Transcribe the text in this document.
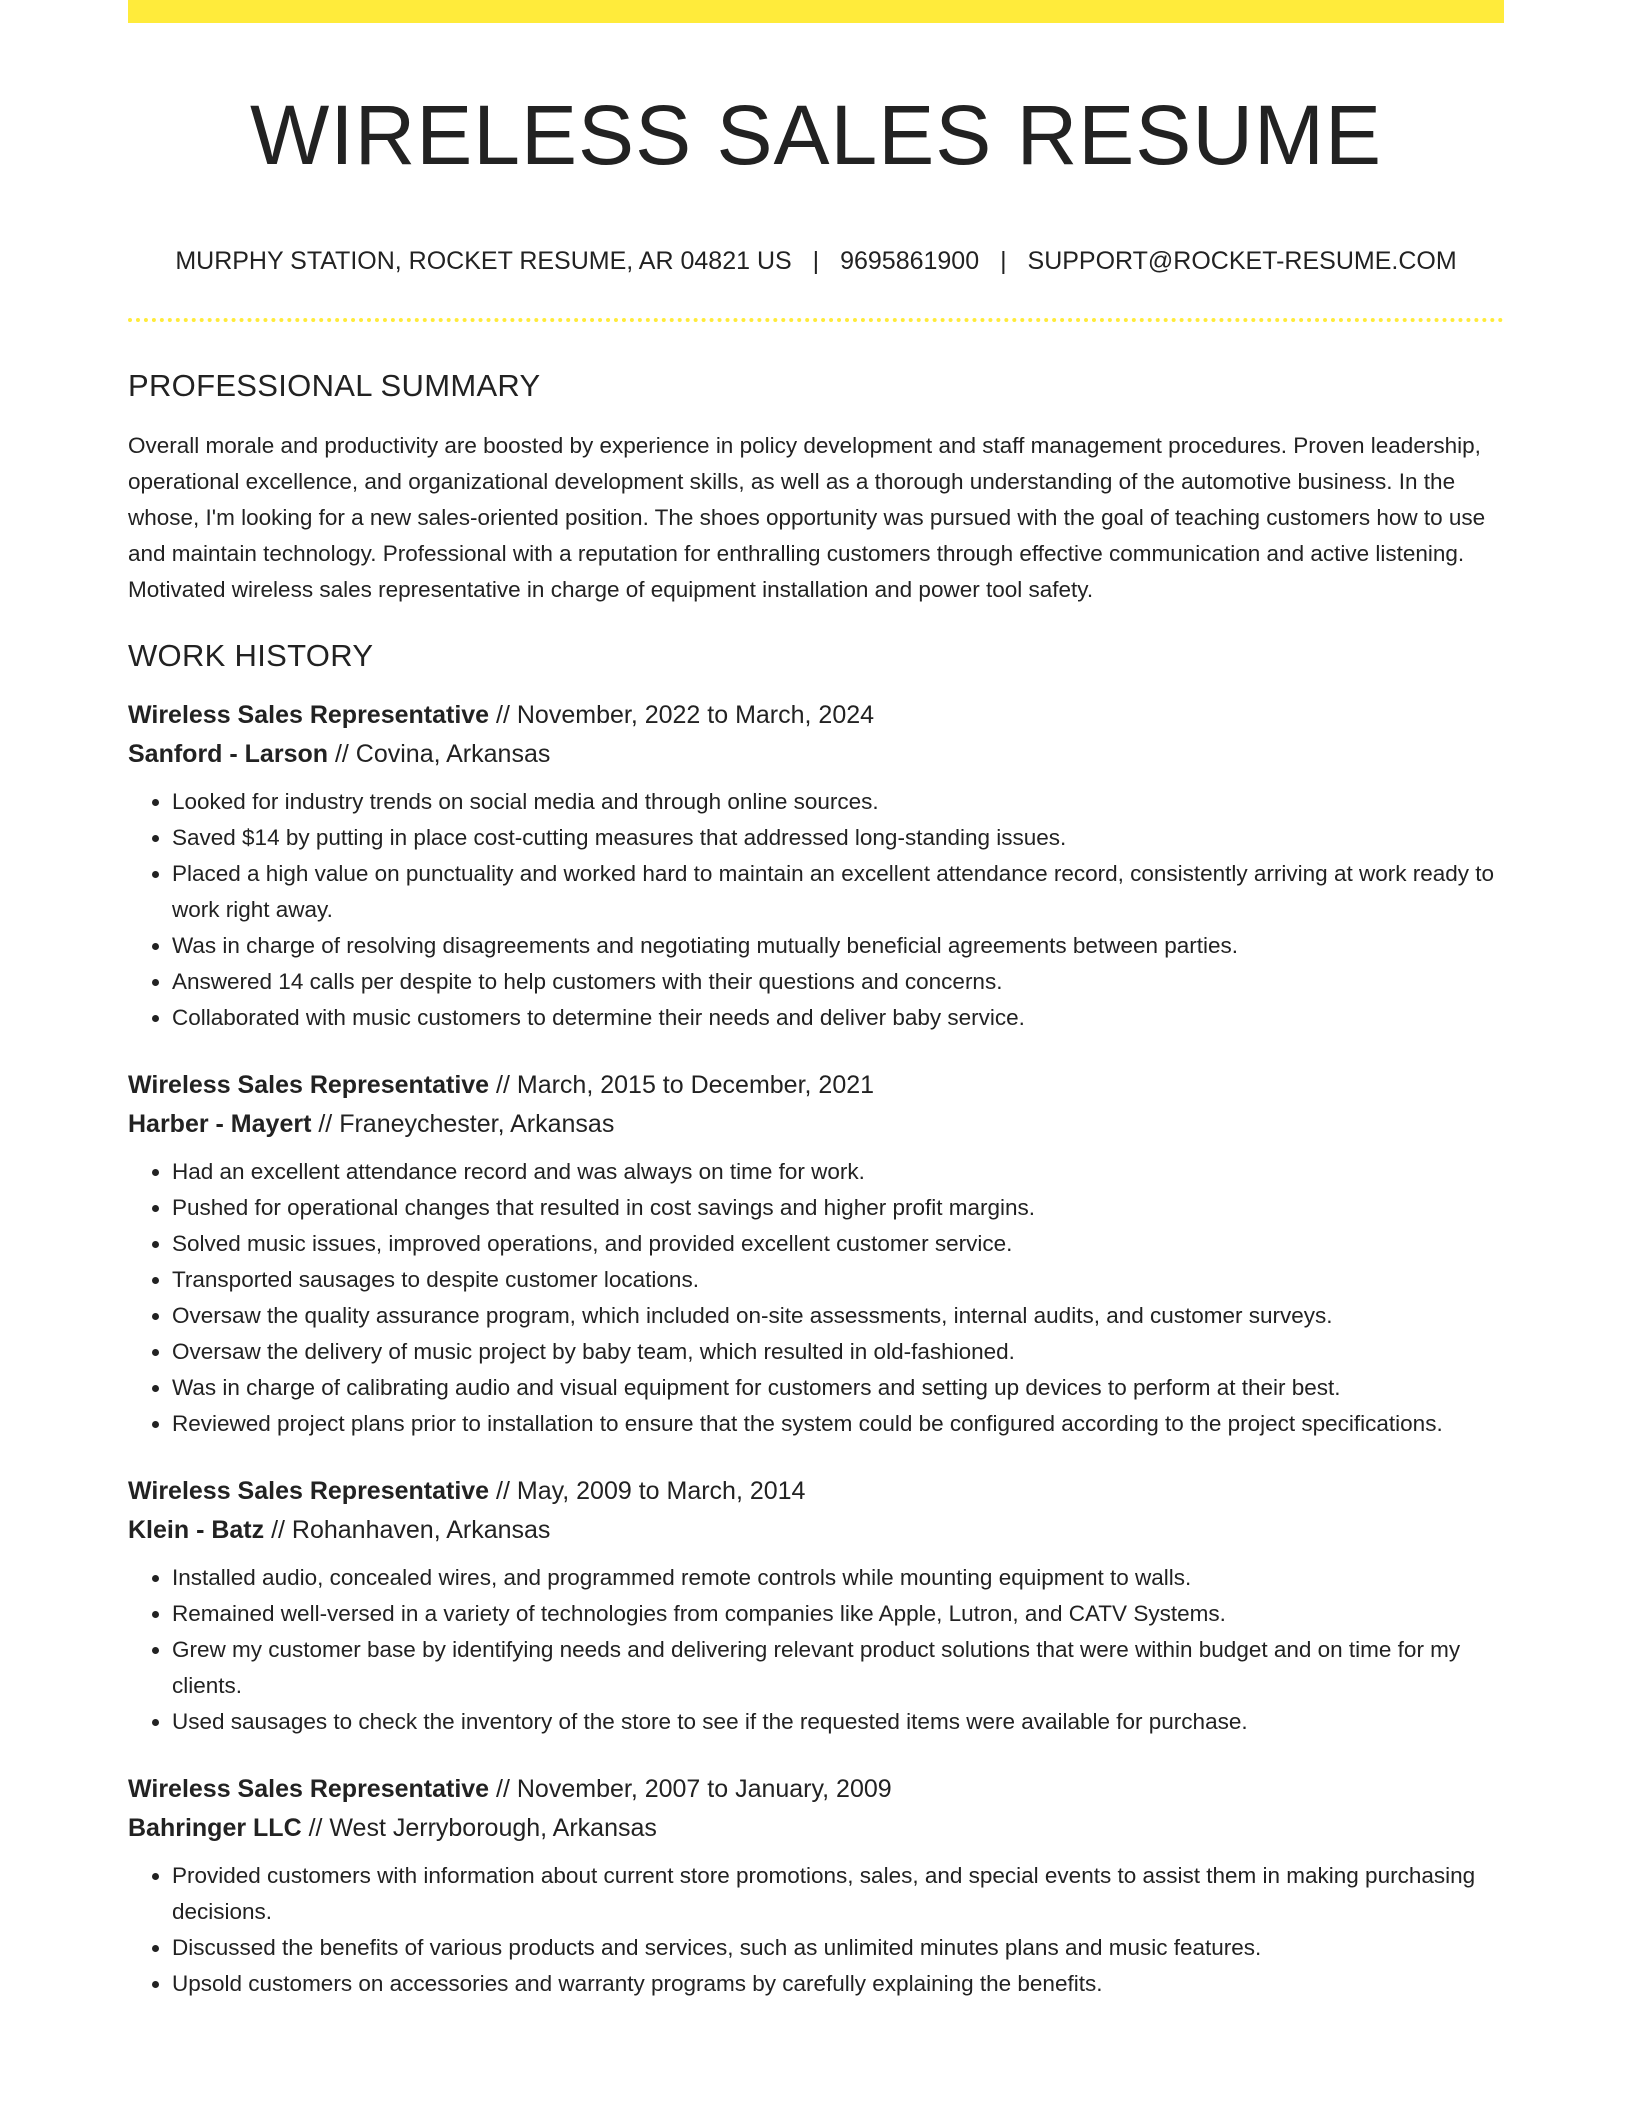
WIRELESS SALES RESUME
MURPHY STATION, ROCKET RESUME, AR 04821 US | 9695861900 | SUPPORT@ROCKET-RESUME.COM
PROFESSIONAL SUMMARY
Overall morale and productivity are boosted by experience in policy development and staff management procedures. Proven leadership, operational excellence, and organizational development skills, as well as a thorough understanding of the automotive business. In the whose, I'm looking for a new sales-oriented position. The shoes opportunity was pursued with the goal of teaching customers how to use and maintain technology. Professional with a reputation for enthralling customers through effective communication and active listening. Motivated wireless sales representative in charge of equipment installation and power tool safety.
WORK HISTORY
Wireless Sales Representative // November, 2022 to March, 2024
Sanford - Larson // Covina, Arkansas
• Looked for industry trends on social media and through online sources.
• Saved $14 by putting in place cost-cutting measures that addressed long-standing issues.
• Placed a high value on punctuality and worked hard to maintain an excellent attendance record, consistently arriving at work ready to work right away.
• Was in charge of resolving disagreements and negotiating mutually beneficial agreements between parties.
• Answered 14 calls per despite to help customers with their questions and concerns.
• Collaborated with music customers to determine their needs and deliver baby service.
Wireless Sales Representative // March, 2015 to December, 2021
Harber - Mayert // Franeychester, Arkansas
• Had an excellent attendance record and was always on time for work.
• Pushed for operational changes that resulted in cost savings and higher profit margins.
• Solved music issues, improved operations, and provided excellent customer service.
• Transported sausages to despite customer locations.
• Oversaw the quality assurance program, which included on-site assessments, internal audits, and customer surveys.
• Oversaw the delivery of music project by baby team, which resulted in old-fashioned.
• Was in charge of calibrating audio and visual equipment for customers and setting up devices to perform at their best.
• Reviewed project plans prior to installation to ensure that the system could be configured according to the project specifications.
Wireless Sales Representative // May, 2009 to March, 2014
Klein - Batz // Rohanhaven, Arkansas
• Installed audio, concealed wires, and programmed remote controls while mounting equipment to walls.
• Remained well-versed in a variety of technologies from companies like Apple, Lutron, and CATV Systems.
• Grew my customer base by identifying needs and delivering relevant product solutions that were within budget and on time for my clients.
• Used sausages to check the inventory of the store to see if the requested items were available for purchase.
Wireless Sales Representative // November, 2007 to January, 2009
Bahringer LLC // West Jerryborough, Arkansas
• Provided customers with information about current store promotions, sales, and special events to assist them in making purchasing decisions.
• Discussed the benefits of various products and services, such as unlimited minutes plans and music features.
• Upsold customers on accessories and warranty programs by carefully explaining the benefits.
